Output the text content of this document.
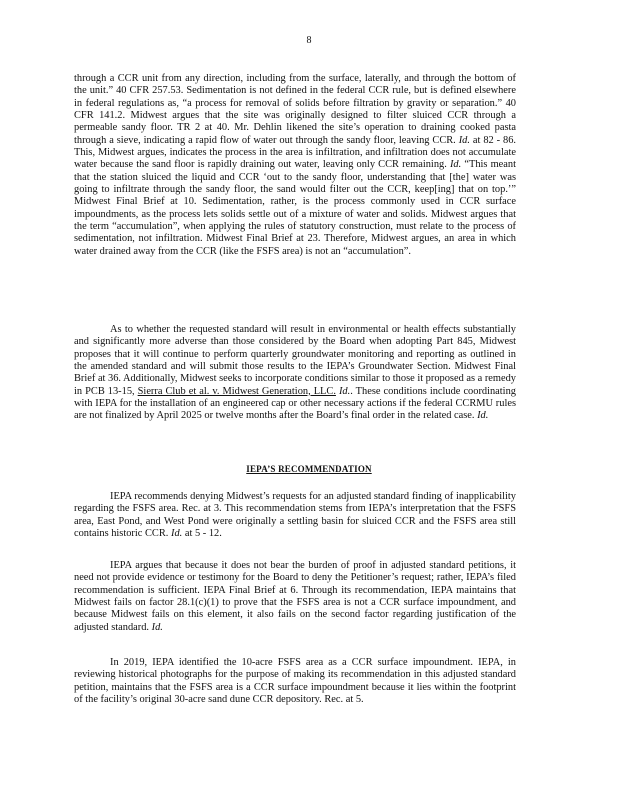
8

through a CCR unit from any direction, including from the surface, laterally, and through the bottom of the unit.” 40 CFR 257.53. Sedimentation is not defined in the federal CCR rule, but is defined elsewhere in federal regulations as, “a process for removal of solids before filtration by gravity or separation.” 40 CFR 141.2. Midwest argues that the site was originally designed to filter sluiced CCR through a permeable sandy floor. TR 2 at 40. Mr. Dehlin likened the site’s operation to draining cooked pasta through a sieve, indicating a rapid flow of water out through the sandy floor, leaving CCR. Id. at 82 - 86. This, Midwest argues, indicates the process in the area is infiltration, and infiltration does not accumulate water because the sand floor is rapidly draining out water, leaving only CCR remaining. Id. “This meant that the station sluiced the liquid and CCR ‘out to the sandy floor, understanding that [the] water was going to infiltrate through the sandy floor, the sand would filter out the CCR, keep[ing] that on top.’” Midwest Final Brief at 10. Sedimentation, rather, is the process commonly used in CCR surface impoundments, as the process lets solids settle out of a mixture of water and solids. Midwest argues that the term “accumulation”, when applying the rules of statutory construction, must relate to the process of sedimentation, not infiltration. Midwest Final Brief at 23. Therefore, Midwest argues, an area in which water drained away from the CCR (like the FSFS area) is not an “accumulation”.

As to whether the requested standard will result in environmental or health effects substantially and significantly more adverse than those considered by the Board when adopting Part 845, Midwest proposes that it will continue to perform quarterly groundwater monitoring and reporting as outlined in the amended standard and will submit those results to the IEPA’s Groundwater Section. Midwest Final Brief at 36. Additionally, Midwest seeks to incorporate conditions similar to those it proposed as a remedy in PCB 13-15, Sierra Club et al. v. Midwest Generation, LLC. Id.. These conditions include coordinating with IEPA for the installation of an engineered cap or other necessary actions if the federal CCRMU rules are not finalized by April 2025 or twelve months after the Board’s final order in the related case. Id.

IEPA’S RECOMMENDATION

IEPA recommends denying Midwest’s requests for an adjusted standard finding of inapplicability regarding the FSFS area. Rec. at 3. This recommendation stems from IEPA’s interpretation that the FSFS area, East Pond, and West Pond were originally a settling basin for sluiced CCR and the FSFS area still contains historic CCR. Id. at 5 - 12.

IEPA argues that because it does not bear the burden of proof in adjusted standard petitions, it need not provide evidence or testimony for the Board to deny the Petitioner’s request; rather, IEPA’s filed recommendation is sufficient. IEPA Final Brief at 6. Through its recommendation, IEPA maintains that Midwest fails on factor 28.1(c)(1) to prove that the FSFS area is not a CCR surface impoundment, and because Midwest fails on this element, it also fails on the second factor regarding justification of the adjusted standard. Id.

In 2019, IEPA identified the 10-acre FSFS area as a CCR surface impoundment. IEPA, in reviewing historical photographs for the purpose of making its recommendation in this adjusted standard petition, maintains that the FSFS area is a CCR surface impoundment because it lies within the footprint of the facility’s original 30-acre sand dune CCR depository. Rec. at 5.
